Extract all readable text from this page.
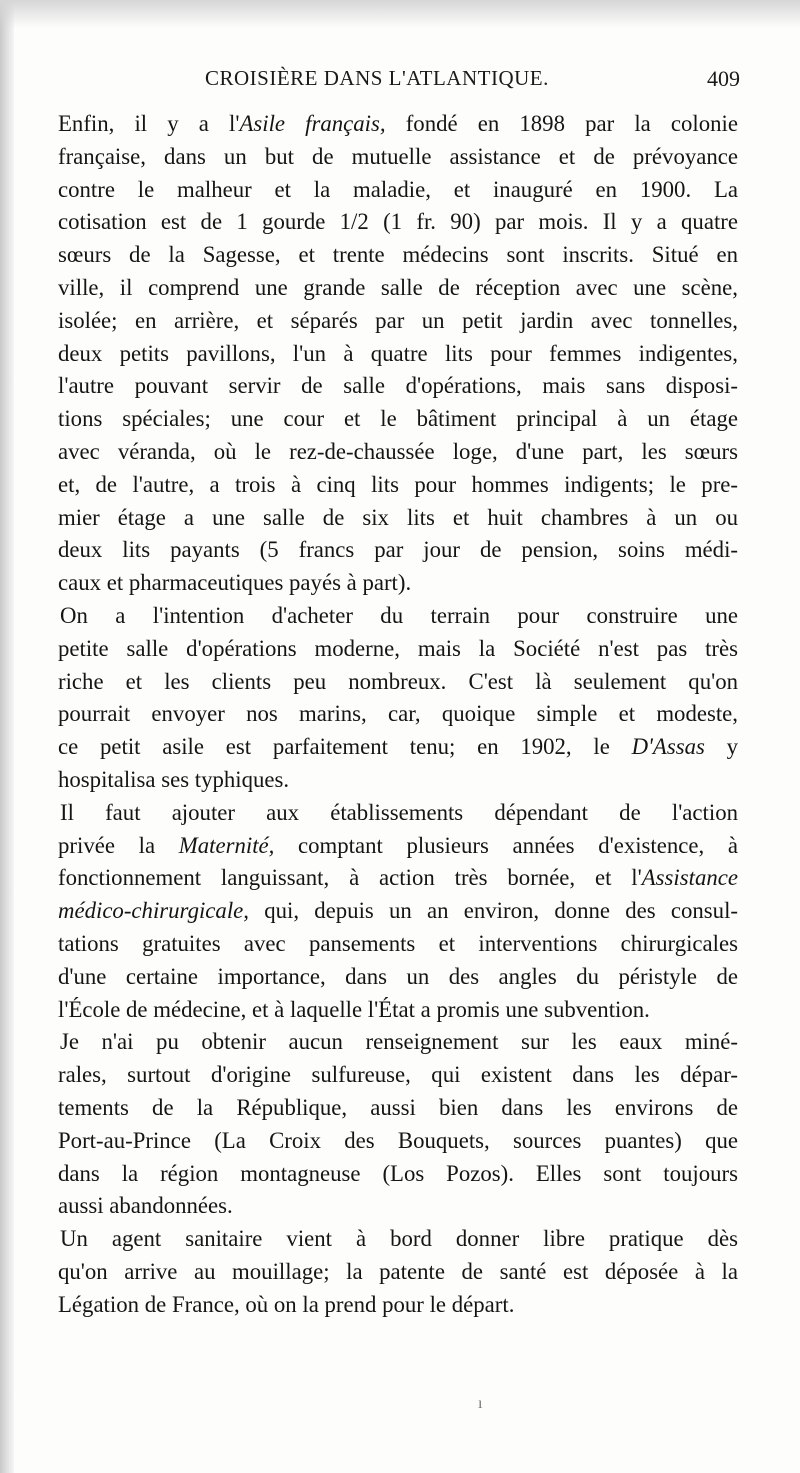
CROISIÈRE DANS L'ATLANTIQUE.	409
Enfin, il y a l'Asile français, fondé en 1898 par la colonie
française, dans un but de mutuelle assistance et de prévoyance
contre le malheur et la maladie, et inauguré en 1900. La
cotisation est de 1 gourde 1/2 (1 fr. 90) par mois. Il y a quatre
sœurs de la Sagesse, et trente médecins sont inscrits. Situé en
ville, il comprend une grande salle de réception avec une scène,
isolée; en arrière, et séparés par un petit jardin avec tonnelles,
deux petits pavillons, l'un à quatre lits pour femmes indigentes,
l'autre pouvant servir de salle d'opérations, mais sans disposi-
tions spéciales; une cour et le bâtiment principal à un étage
avec véranda, où le rez-de-chaussée loge, d'une part, les sœurs
et, de l'autre, a trois à cinq lits pour hommes indigents; le pre-
mier étage a une salle de six lits et huit chambres à un ou
deux lits payants (5 francs par jour de pension, soins médi-
caux et pharmaceutiques payés à part).
On a l'intention d'acheter du terrain pour construire une
petite salle d'opérations moderne, mais la Société n'est pas très
riche et les clients peu nombreux. C'est là seulement qu'on
pourrait envoyer nos marins, car, quoique simple et modeste,
ce petit asile est parfaitement tenu; en 1902, le D'Assas y
hospitalisa ses typhiques.
Il faut ajouter aux établissements dépendant de l'action
privée la Maternité, comptant plusieurs années d'existence, à
fonctionnement languissant, à action très bornée, et l'Assistance
médico-chirurgicale, qui, depuis un an environ, donne des consul-
tations gratuites avec pansements et interventions chirurgicales
d'une certaine importance, dans un des angles du péristyle de
l'École de médecine, et à laquelle l'État a promis une subvention.
Je n'ai pu obtenir aucun renseignement sur les eaux miné-
rales, surtout d'origine sulfureuse, qui existent dans les dépar-
tements de la République, aussi bien dans les environs de
Port-au-Prince (La Croix des Bouquets, sources puantes) que
dans la région montagneuse (Los Pozos). Elles sont toujours
aussi abandonnées.
Un agent sanitaire vient à bord donner libre pratique dès
qu'on arrive au mouillage; la patente de santé est déposée à la
Légation de France, où on la prend pour le départ.
ı
